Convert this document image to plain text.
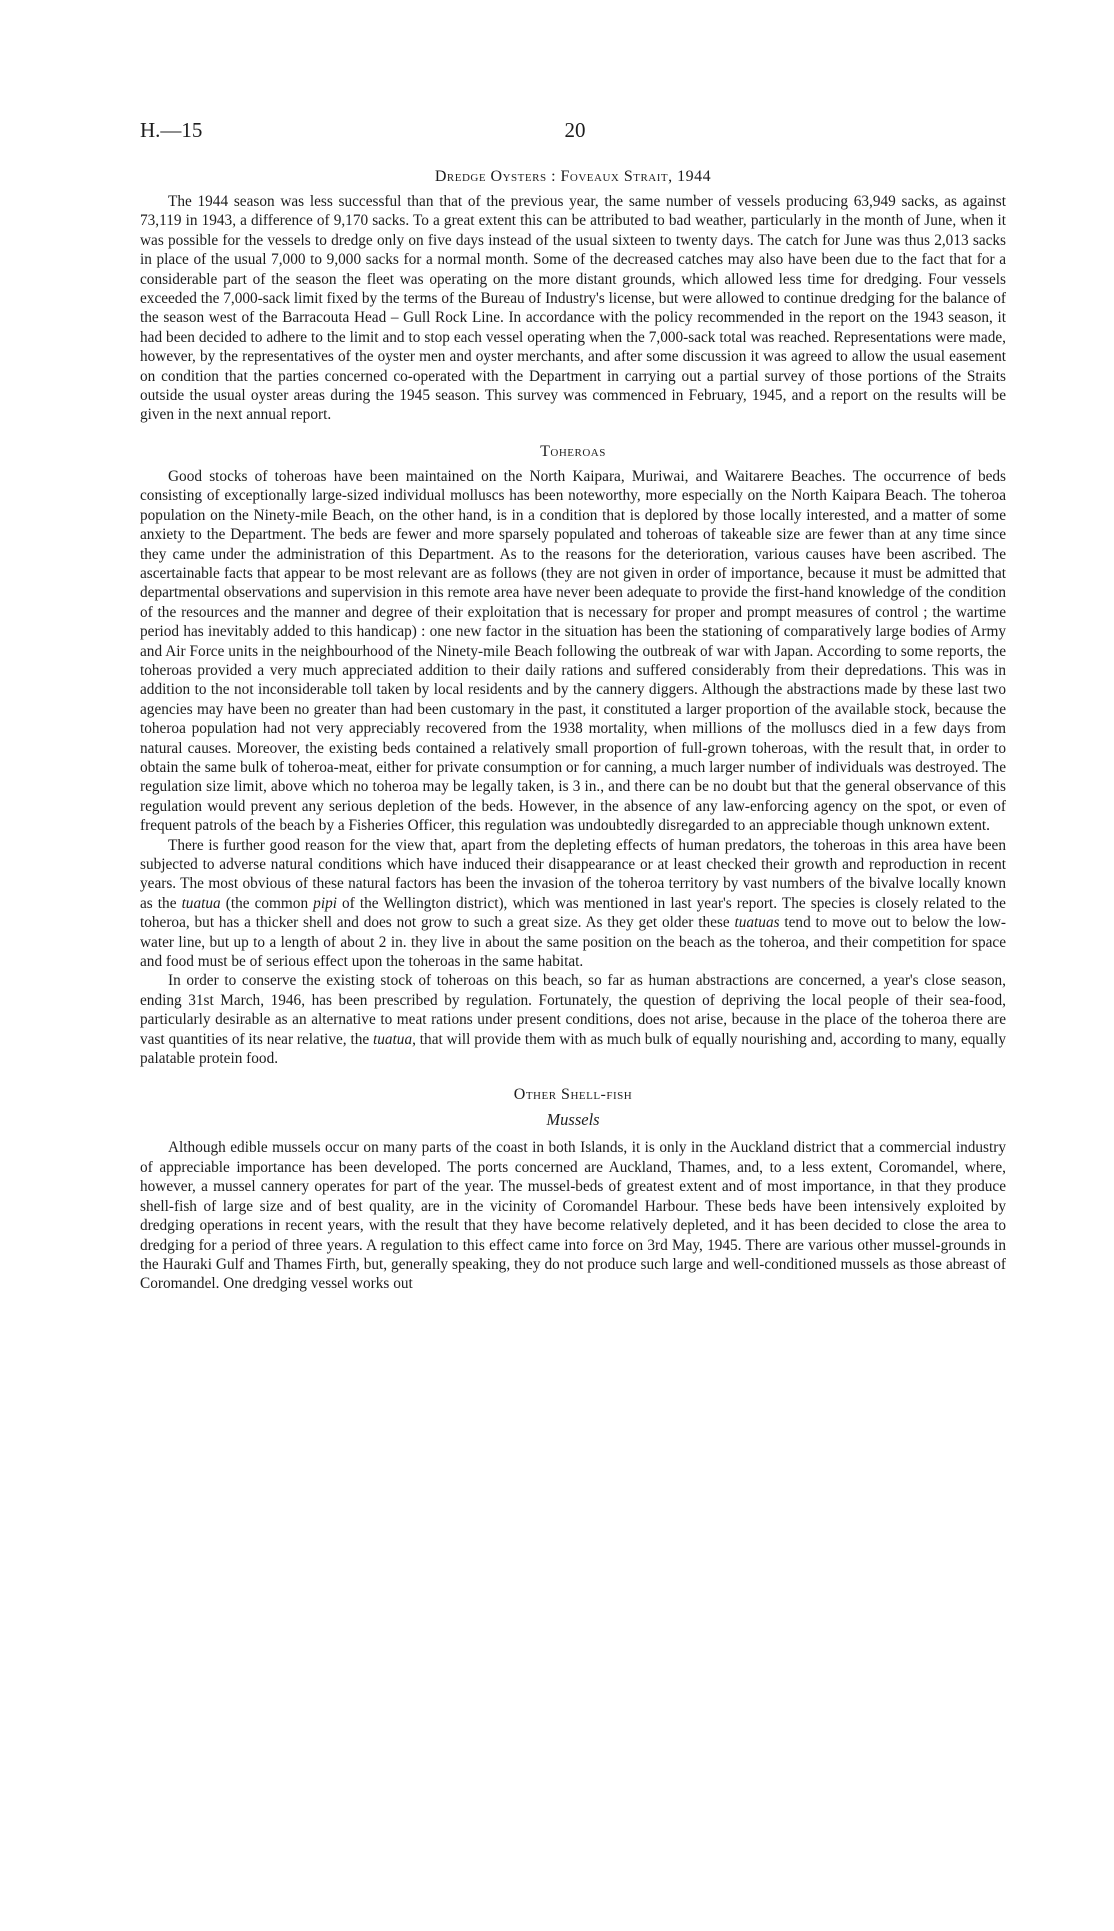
H.—15	20
Dredge Oysters : Foveaux Strait, 1944

The 1944 season was less successful than that of the previous year, the same number of vessels producing 63,949 sacks, as against 73,119 in 1943, a difference of 9,170 sacks. To a great extent this can be attributed to bad weather, particularly in the month of June, when it was possible for the vessels to dredge only on five days instead of the usual sixteen to twenty days. The catch for June was thus 2,013 sacks in place of the usual 7,000 to 9,000 sacks for a normal month. Some of the decreased catches may also have been due to the fact that for a considerable part of the season the fleet was operating on the more distant grounds, which allowed less time for dredging. Four vessels exceeded the 7,000-sack limit fixed by the terms of the Bureau of Industry's license, but were allowed to continue dredging for the balance of the season west of the Barracouta Head – Gull Rock Line. In accordance with the policy recommended in the report on the 1943 season, it had been decided to adhere to the limit and to stop each vessel operating when the 7,000-sack total was reached. Representations were made, however, by the representatives of the oyster men and oyster merchants, and after some discussion it was agreed to allow the usual easement on condition that the parties concerned co-operated with the Department in carrying out a partial survey of those portions of the Straits outside the usual oyster areas during the 1945 season. This survey was commenced in February, 1945, and a report on the results will be given in the next annual report.

Toheroas

Good stocks of toheroas have been maintained on the North Kaipara, Muriwai, and Waitarere Beaches. The occurrence of beds consisting of exceptionally large-sized individual molluscs has been noteworthy, more especially on the North Kaipara Beach. The toheroa population on the Ninety-mile Beach, on the other hand, is in a condition that is deplored by those locally interested, and a matter of some anxiety to the Department. The beds are fewer and more sparsely populated and toheroas of takeable size are fewer than at any time since they came under the administration of this Department. As to the reasons for the deterioration, various causes have been ascribed. The ascertainable facts that appear to be most relevant are as follows (they are not given in order of importance, because it must be admitted that departmental observations and supervision in this remote area have never been adequate to provide the first-hand knowledge of the condition of the resources and the manner and degree of their exploitation that is necessary for proper and prompt measures of control ; the wartime period has inevitably added to this handicap) : one new factor in the situation has been the stationing of comparatively large bodies of Army and Air Force units in the neighbourhood of the Ninety-mile Beach following the outbreak of war with Japan. According to some reports, the toheroas provided a very much appreciated addition to their daily rations and suffered considerably from their depredations. This was in addition to the not inconsiderable toll taken by local residents and by the cannery diggers. Although the abstractions made by these last two agencies may have been no greater than had been customary in the past, it constituted a larger proportion of the available stock, because the toheroa population had not very appreciably recovered from the 1938 mortality, when millions of the molluscs died in a few days from natural causes. Moreover, the existing beds contained a relatively small proportion of full-grown toheroas, with the result that, in order to obtain the same bulk of toheroa-meat, either for private consumption or for canning, a much larger number of individuals was destroyed. The regulation size limit, above which no toheroa may be legally taken, is 3 in., and there can be no doubt but that the general observance of this regulation would prevent any serious depletion of the beds. However, in the absence of any law-enforcing agency on the spot, or even of frequent patrols of the beach by a Fisheries Officer, this regulation was undoubtedly disregarded to an appreciable though unknown extent.

There is further good reason for the view that, apart from the depleting effects of human predators, the toheroas in this area have been subjected to adverse natural conditions which have induced their disappearance or at least checked their growth and reproduction in recent years. The most obvious of these natural factors has been the invasion of the toheroa territory by vast numbers of the bivalve locally known as the tuatua (the common pipi of the Wellington district), which was mentioned in last year's report. The species is closely related to the toheroa, but has a thicker shell and does not grow to such a great size. As they get older these tuatuas tend to move out to below the low-water line, but up to a length of about 2 in. they live in about the same position on the beach as the toheroa, and their competition for space and food must be of serious effect upon the toheroas in the same habitat.

In order to conserve the existing stock of toheroas on this beach, so far as human abstractions are concerned, a year's close season, ending 31st March, 1946, has been prescribed by regulation. Fortunately, the question of depriving the local people of their sea-food, particularly desirable as an alternative to meat rations under present conditions, does not arise, because in the place of the toheroa there are vast quantities of its near relative, the tuatua, that will provide them with as much bulk of equally nourishing and, according to many, equally palatable protein food.

Other Shell-fish
Mussels

Although edible mussels occur on many parts of the coast in both Islands, it is only in the Auckland district that a commercial industry of appreciable importance has been developed. The ports concerned are Auckland, Thames, and, to a less extent, Coromandel, where, however, a mussel cannery operates for part of the year. The mussel-beds of greatest extent and of most importance, in that they produce shell-fish of large size and of best quality, are in the vicinity of Coromandel Harbour. These beds have been intensively exploited by dredging operations in recent years, with the result that they have become relatively depleted, and it has been decided to close the area to dredging for a period of three years. A regulation to this effect came into force on 3rd May, 1945. There are various other mussel-grounds in the Hauraki Gulf and Thames Firth, but, generally speaking, they do not produce such large and well-conditioned mussels as those abreast of Coromandel. One dredging vessel works out
